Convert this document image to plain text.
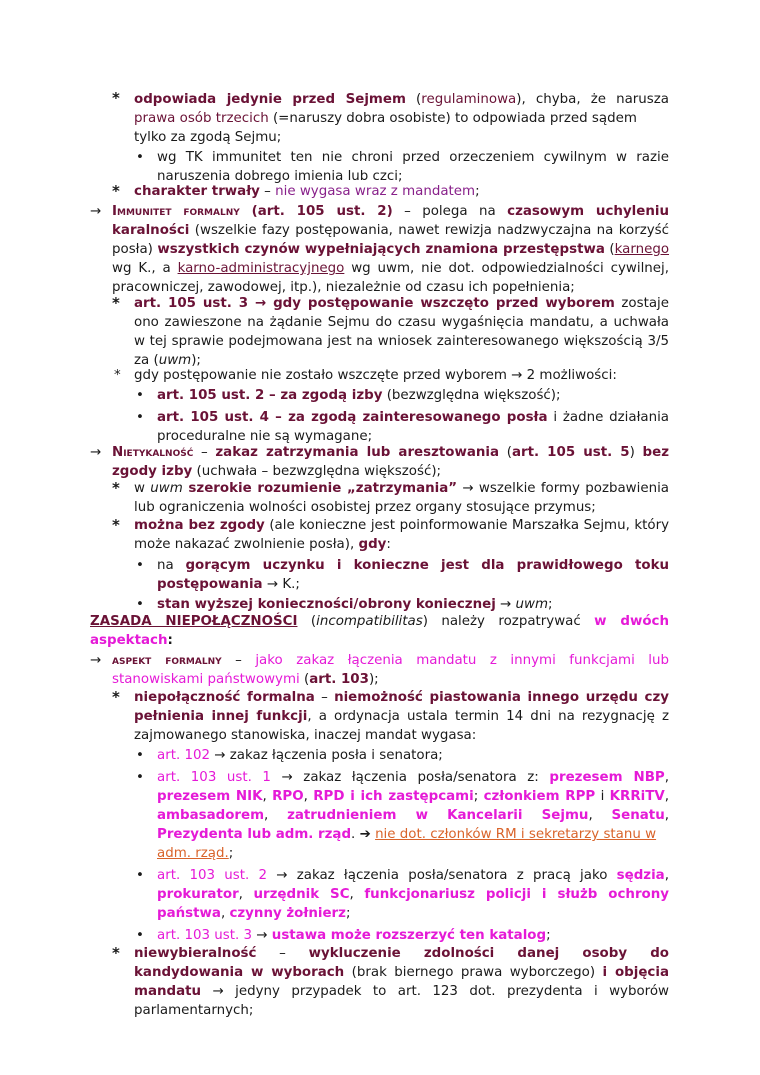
* odpowiada jedynie przed Sejmem (regulaminowa), chyba, że narusza
prawa osób trzecich (=naruszy dobra osobiste) to odpowiada przed sądem
tylko za zgodą Sejmu;
• wg TK immunitet ten nie chroni przed orzeczeniem cywilnym w razie
naruszenia dobrego imienia lub czci;
* charakter trwały – nie wygasa wraz z mandatem;
→ Immunitet formalny (art. 105 ust. 2) – polega na czasowym uchyleniu
karalności (wszelkie fazy postępowania, nawet rewizja nadzwyczajna na korzyść
posła) wszystkich czynów wypełniających znamiona przestępstwa (karnego
wg K., a karno-administracyjnego wg uwm, nie dot. odpowiedzialności cywilnej,
pracowniczej, zawodowej, itp.), niezależnie od czasu ich popełnienia;
* art. 105 ust. 3 → gdy postępowanie wszczęto przed wyborem zostaje
ono zawieszone na żądanie Sejmu do czasu wygaśnięcia mandatu, a uchwała
w tej sprawie podejmowana jest na wniosek zainteresowanego większością 3/5
za (uwm);
* gdy postępowanie nie zostało wszczęte przed wyborem → 2 możliwości:
• art. 105 ust. 2 – za zgodą izby (bezwzględna większość);
• art. 105 ust. 4 – za zgodą zainteresowanego posła i żadne działania
proceduralne nie są wymagane;
→ Nietykalność – zakaz zatrzymania lub aresztowania (art. 105 ust. 5) bez
zgody izby (uchwała – bezwzględna większość);
* w uwm szerokie rozumienie „zatrzymania” → wszelkie formy pozbawienia
lub ograniczenia wolności osobistej przez organy stosujące przymus;
* można bez zgody (ale konieczne jest poinformowanie Marszałka Sejmu, który
może nakazać zwolnienie posła), gdy:
• na gorącym uczynku i konieczne jest dla prawidłowego toku
postępowania → K.;
• stan wyższej konieczności/obrony koniecznej → uwm;
ZASADA NIEPOŁĄCZNOŚCI (incompatibilitas) należy rozpatrywać w dwóch
aspektach:
→ aspekt formalny – jako zakaz łączenia mandatu z innymi funkcjami lub
stanowiskami państwowymi (art. 103);
* niepołączność formalna – niemożność piastowania innego urzędu czy
pełnienia innej funkcji, a ordynacja ustala termin 14 dni na rezygnację z
zajmowanego stanowiska, inaczej mandat wygasa:
• art. 102 → zakaz łączenia posła i senatora;
• art. 103 ust. 1 → zakaz łączenia posła/senatora z: prezesem NBP,
prezesem NIK, RPO, RPD i ich zastępcami; członkiem RPP i KRRiTV,
ambasadorem, zatrudnieniem w Kancelarii Sejmu, Senatu,
Prezydenta lub adm. rząd. ➔ nie dot. członków RM i sekretarzy stanu w
adm. rząd.;
• art. 103 ust. 2 → zakaz łączenia posła/senatora z pracą jako sędzia,
prokurator, urzędnik SC, funkcjonariusz policji i służb ochrony
państwa, czynny żołnierz;
• art. 103 ust. 3 → ustawa może rozszerzyć ten katalog;
* niewybieralność – wykluczenie zdolności danej osoby do
kandydowania w wyborach (brak biernego prawa wyborczego) i objęcia
mandatu → jedyny przypadek to art. 123 dot. prezydenta i wyborów
parlamentarnych;
